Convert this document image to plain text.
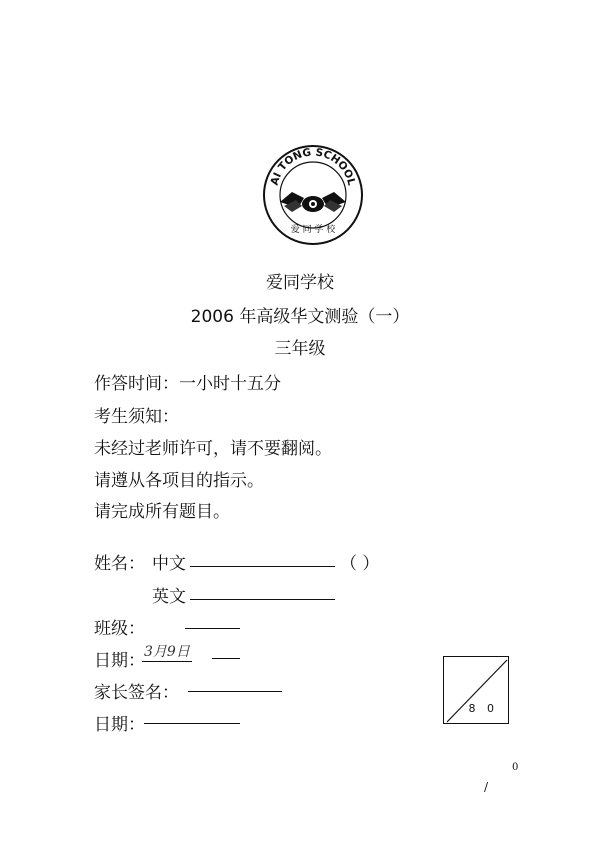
AI TONG SCHOOL
爱 同 学 校
爱同学校
2006 年高级华文测验（一）
三年级
作答时间：一小时十五分
考生须知：
未经过老师许可，请不要翻阅。
请遵从各项目的指示。
请完成所有题目。
姓名： 中文	（ ）
英文
班级：
日期： 3月9日
家长签名：
日期：
8 0
0
/
